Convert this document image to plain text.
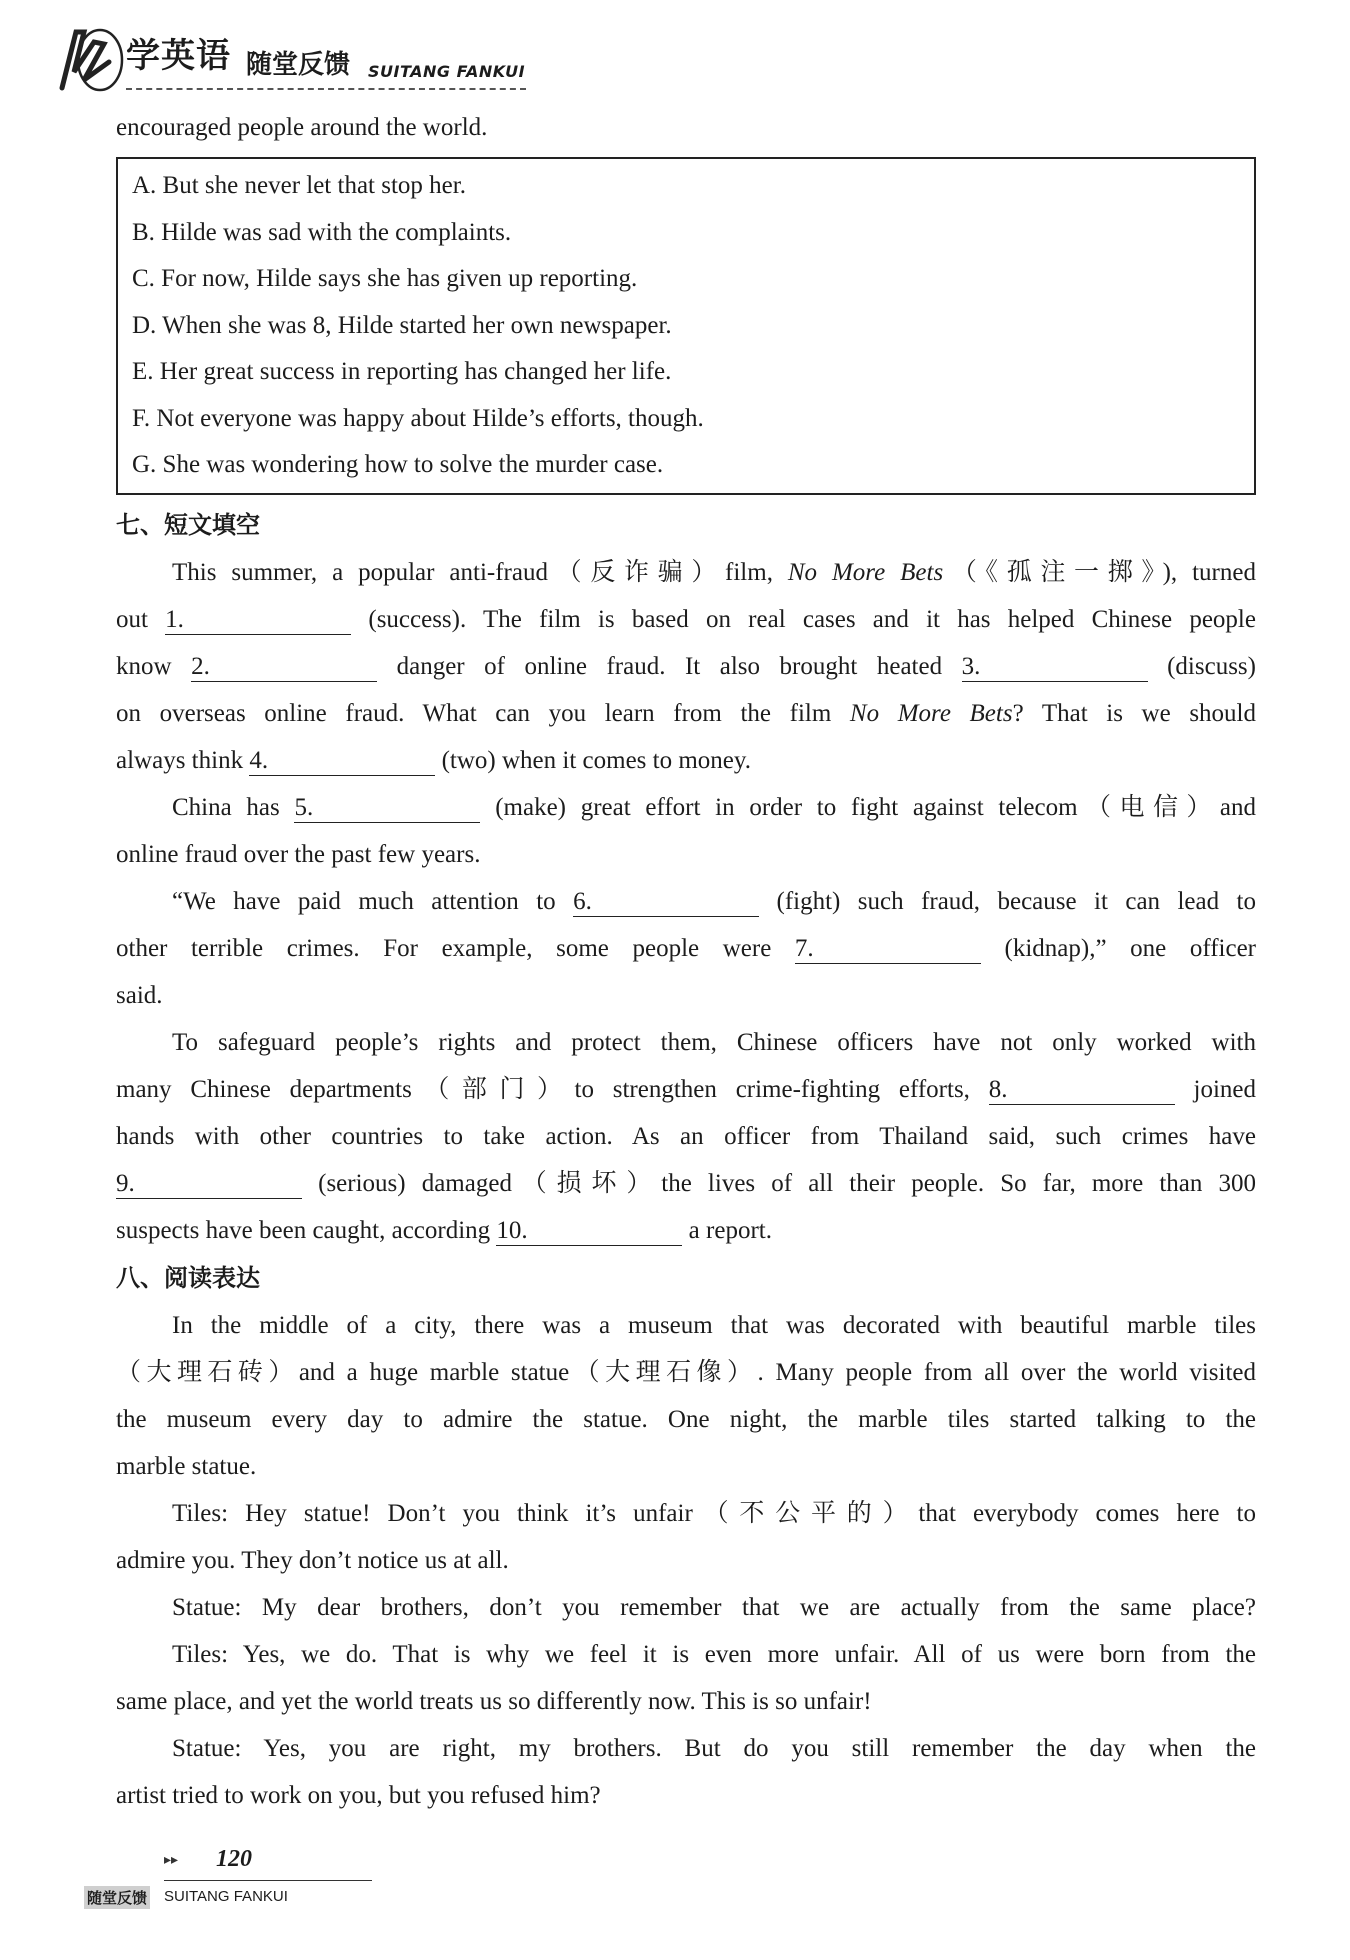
学英语 随堂反馈 SUITANG FANKUI
encouraged people around the world.
A. But she never let that stop her.
B. Hilde was sad with the complaints.
C. For now, Hilde says she has given up reporting.
D. When she was 8, Hilde started her own newspaper.
E. Her great success in reporting has changed her life.
F. Not everyone was happy about Hilde’s efforts, though.
G. She was wondering how to solve the murder case.
七、短文填空
This summer, a popular anti-fraud（反诈骗）film, No More Bets（《孤注一掷》), turned
out 1.	(success). The film is based on real cases and it has helped Chinese people
know 2.	danger of online fraud. It also brought heated 3.	(discuss)
on overseas online fraud. What can you learn from the film No More Bets? That is we should
always think 4.	(two) when it comes to money.
China has 5.	(make) great effort in order to fight against telecom（电信）and
online fraud over the past few years.
“We have paid much attention to 6.	(fight) such fraud, because it can lead to
other terrible crimes. For example, some people were 7.	(kidnap),” one officer
said.
To safeguard people’s rights and protect them, Chinese officers have not only worked with
many Chinese departments（部门）to strengthen crime-fighting efforts, 8.	joined
hands with other countries to take action. As an officer from Thailand said, such crimes have
9.	(serious) damaged（损坏）the lives of all their people. So far, more than 300
suspects have been caught, according 10.	a report.
八、阅读表达
In the middle of a city, there was a museum that was decorated with beautiful marble tiles
（大理石砖）and a huge marble statue（大理石像）. Many people from all over the world visited
the museum every day to admire the statue. One night, the marble tiles started talking to the
marble statue.
Tiles: Hey statue! Don’t you think it’s unfair（不公平的）that everybody comes here to
admire you. They don’t notice us at all.
Statue: My dear brothers, don’t you remember that we are actually from the same place?
Tiles: Yes, we do. That is why we feel it is even more unfair. All of us were born from the
same place, and yet the world treats us so differently now. This is so unfair!
Statue: Yes, you are right, my brothers. But do you still remember the day when the
artist tried to work on you, but you refused him?
▸▸ 120
随堂反馈 SUITANG FANKUI
